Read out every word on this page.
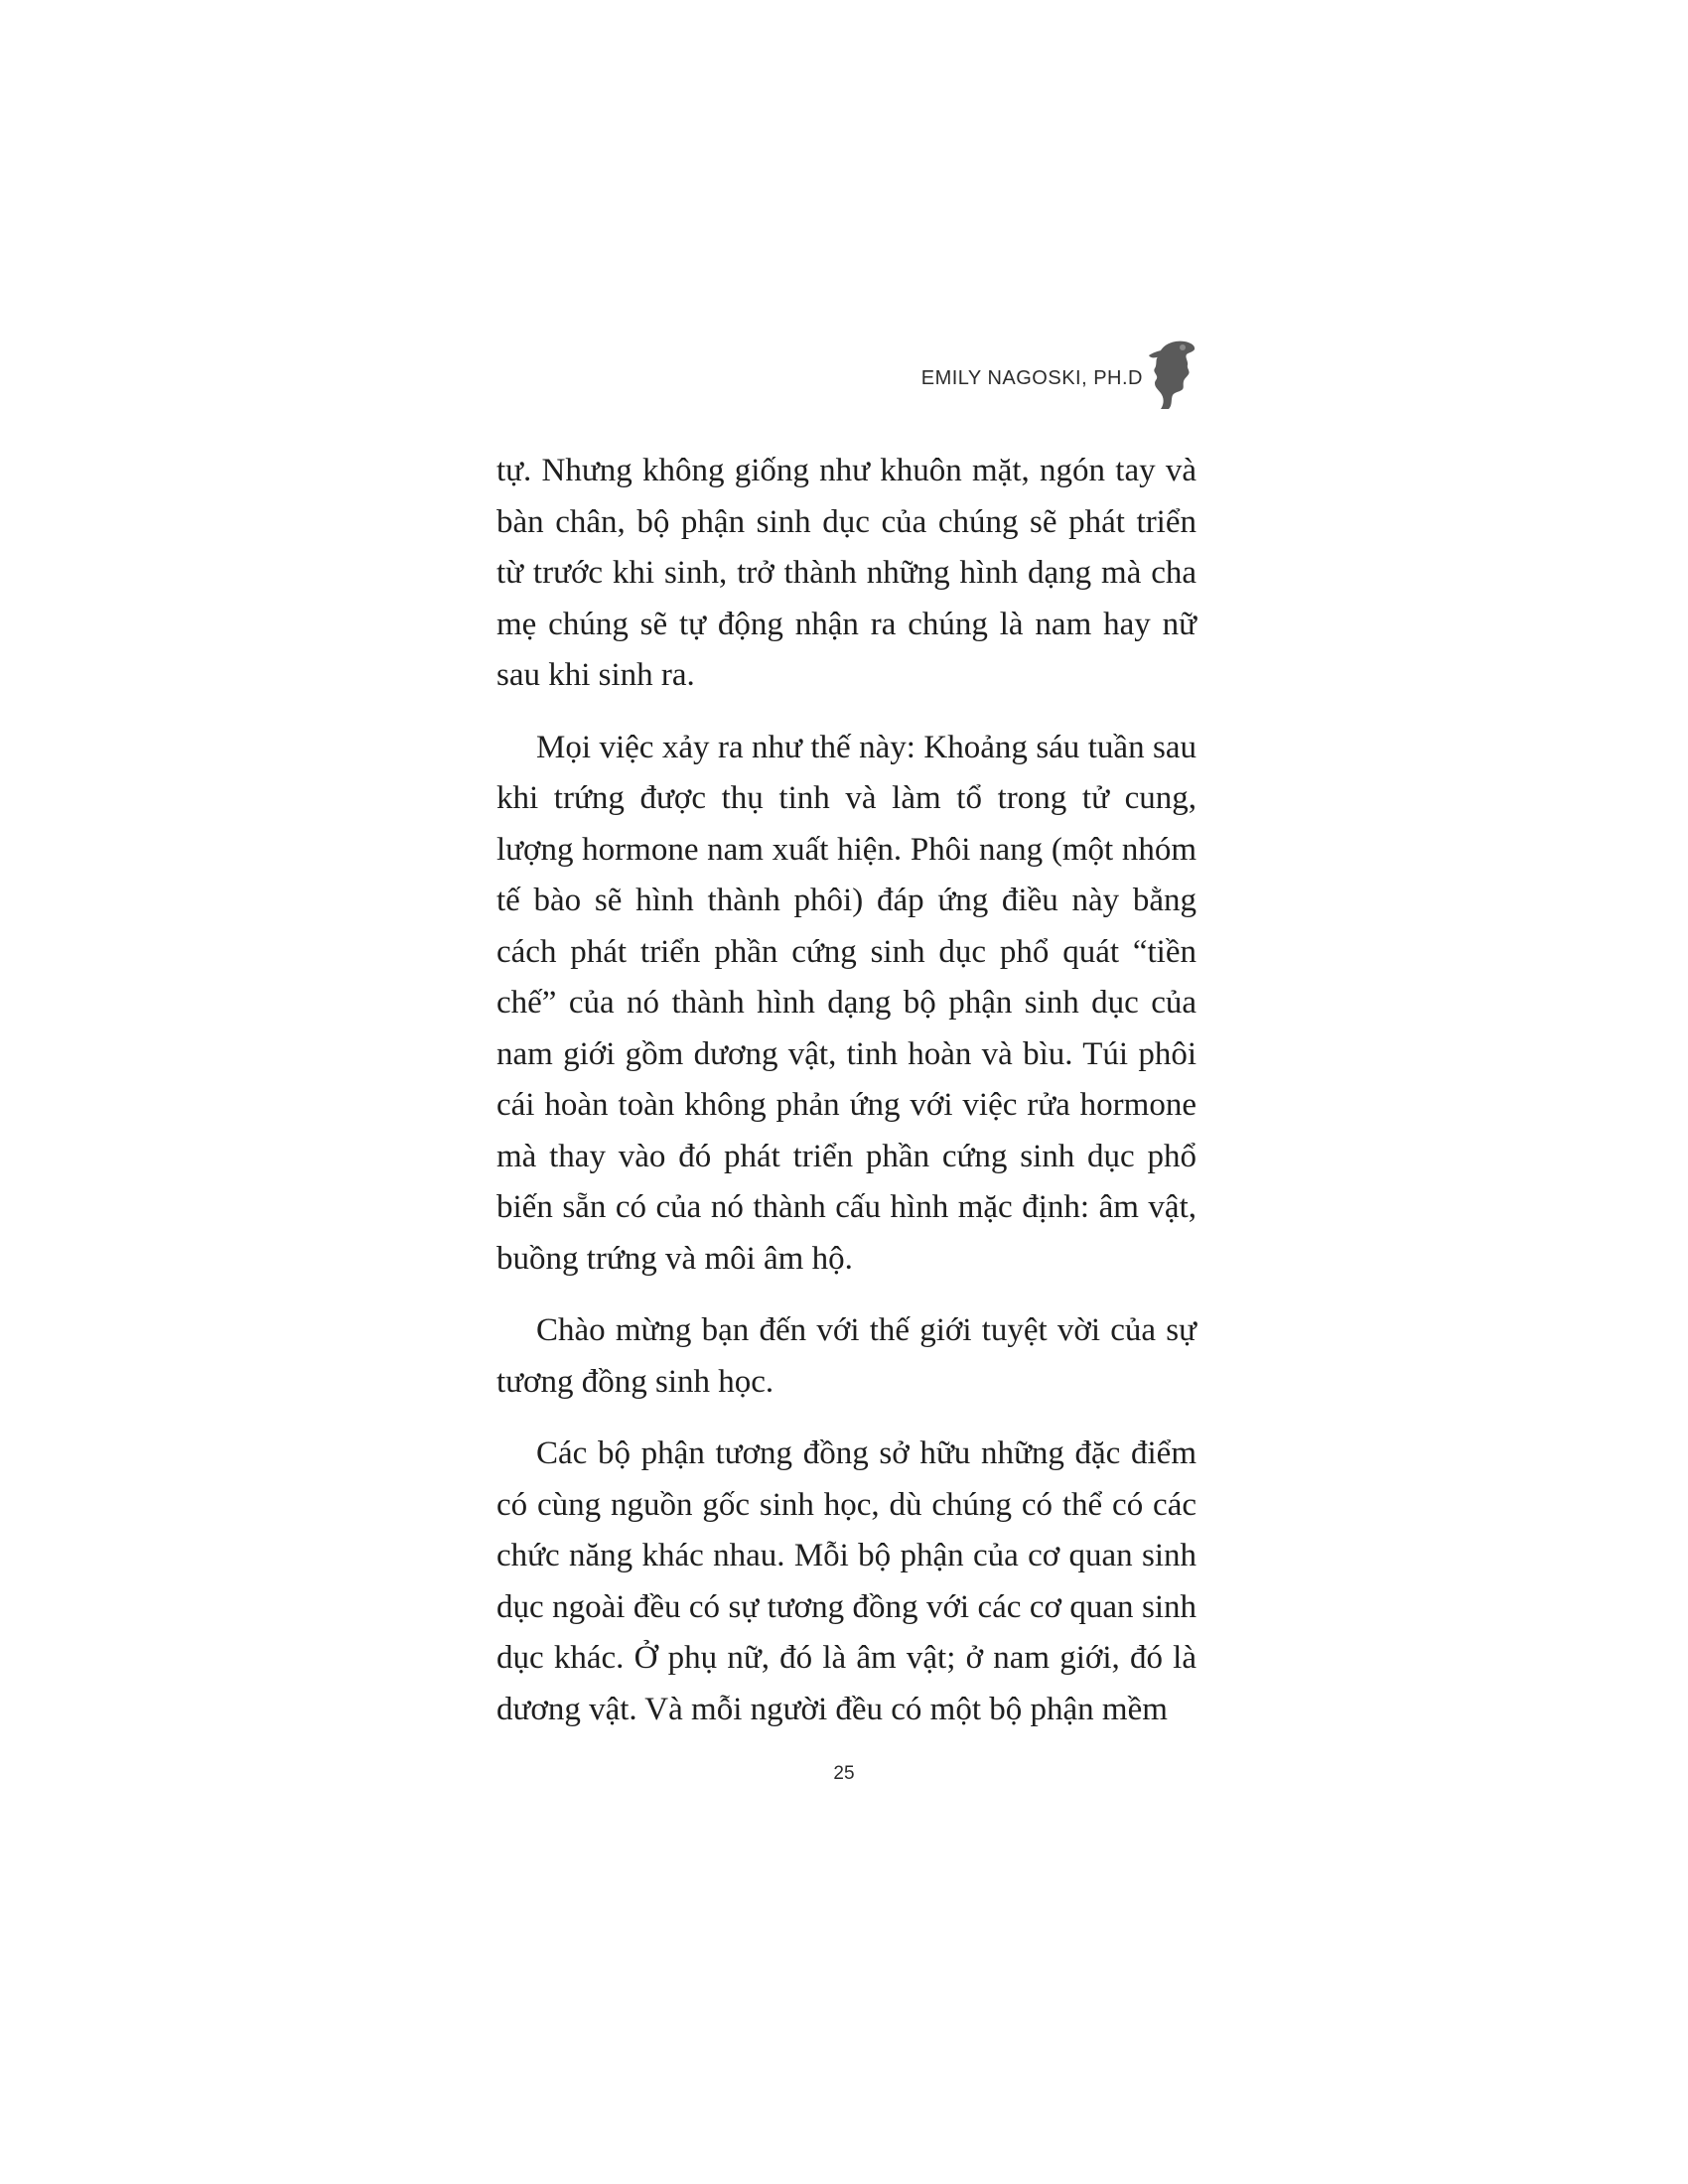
EMILY NAGOSKI, PH.D

tự. Nhưng không giống như khuôn mặt, ngón tay và bàn chân, bộ phận sinh dục của chúng sẽ phát triển từ trước khi sinh, trở thành những hình dạng mà cha mẹ chúng sẽ tự động nhận ra chúng là nam hay nữ sau khi sinh ra.

Mọi việc xảy ra như thế này: Khoảng sáu tuần sau khi trứng được thụ tinh và làm tổ trong tử cung, lượng hormone nam xuất hiện. Phôi nang (một nhóm tế bào sẽ hình thành phôi) đáp ứng điều này bằng cách phát triển phần cứng sinh dục phổ quát “tiền chế” của nó thành hình dạng bộ phận sinh dục của nam giới gồm dương vật, tinh hoàn và bìu. Túi phôi cái hoàn toàn không phản ứng với việc rửa hormone mà thay vào đó phát triển phần cứng sinh dục phổ biến sẵn có của nó thành cấu hình mặc định: âm vật, buồng trứng và môi âm hộ.

Chào mừng bạn đến với thế giới tuyệt vời của sự tương đồng sinh học.

Các bộ phận tương đồng sở hữu những đặc điểm có cùng nguồn gốc sinh học, dù chúng có thể có các chức năng khác nhau. Mỗi bộ phận của cơ quan sinh dục ngoài đều có sự tương đồng với các cơ quan sinh dục khác. Ở phụ nữ, đó là âm vật; ở nam giới, đó là dương vật. Và mỗi người đều có một bộ phận mềm

25
